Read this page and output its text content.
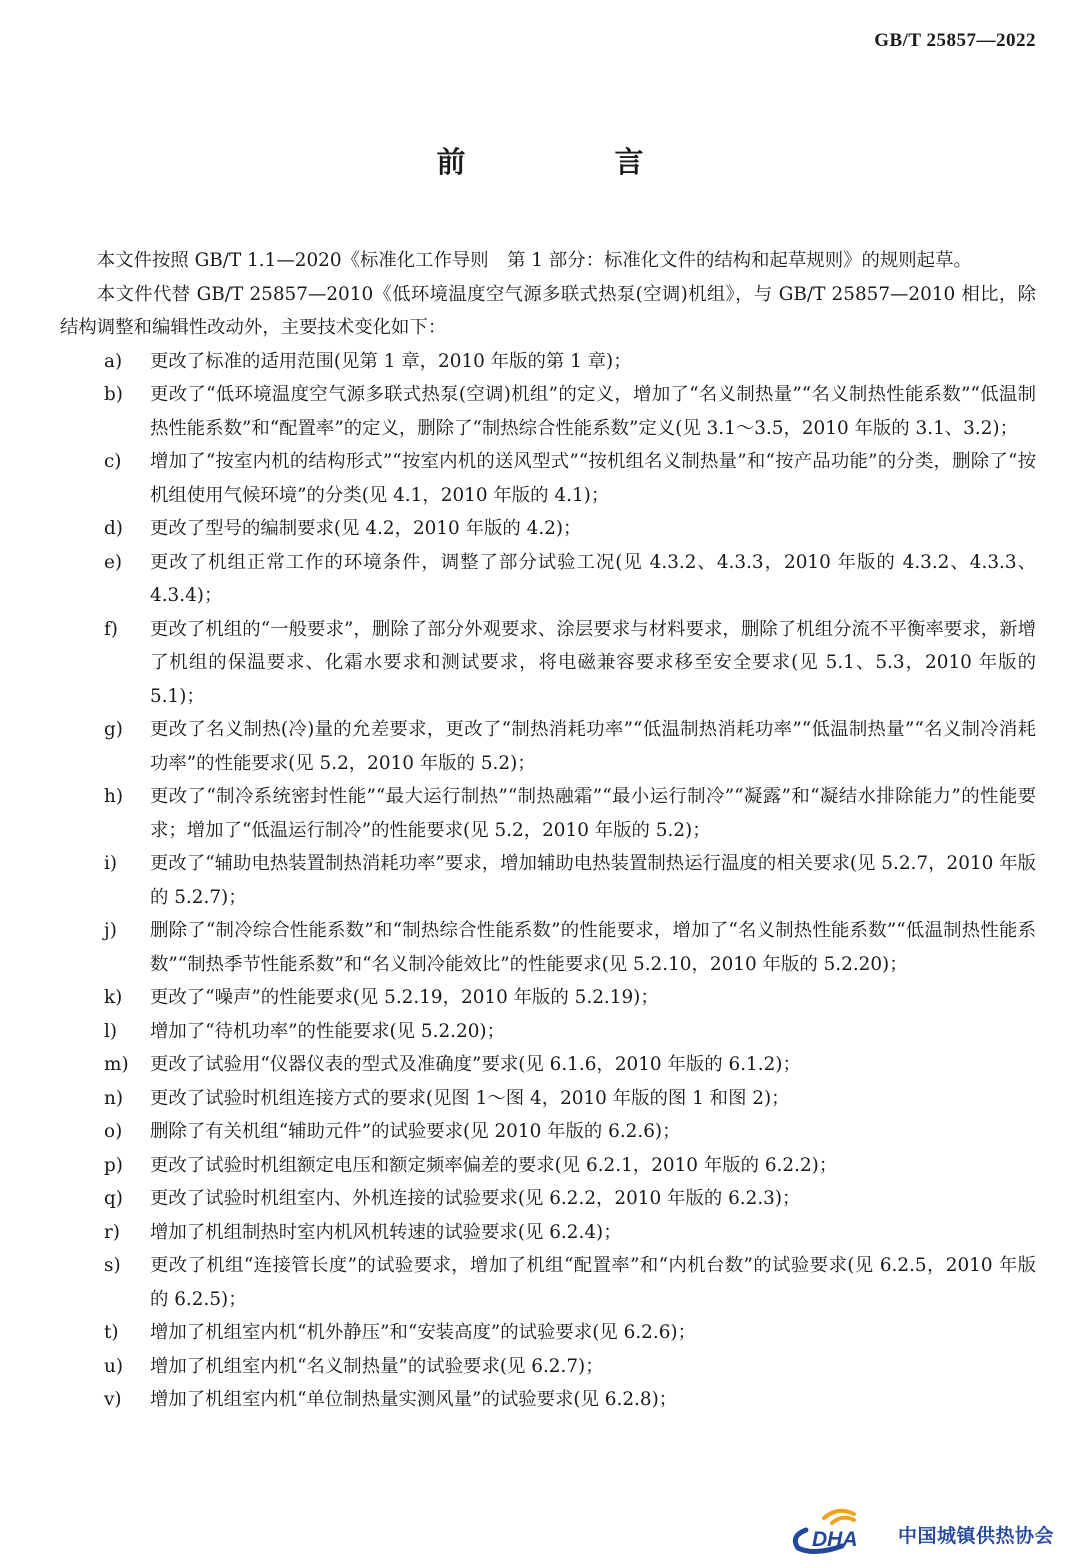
GB/T 25857—2022
前　言

本文件按照 GB/T 1.1—2020《标准化工作导则　第 1 部分：标准化文件的结构和起草规则》的规则起草。

本文件代替 GB/T 25857—2010《低环境温度空气源多联式热泵(空调)机组》，与 GB/T 25857—2010 相比，除结构调整和编辑性改动外，主要技术变化如下：

a)	更改了标准的适用范围(见第 1 章，2010 年版的第 1 章)；
b)	更改了“低环境温度空气源多联式热泵(空调)机组”的定义，增加了“名义制热量”“名义制热性能系数”“低温制热性能系数”和“配置率”的定义，删除了“制热综合性能系数”定义(见 3.1～3.5，2010 年版的 3.1、3.2)；
c)	增加了“按室内机的结构形式”“按室内机的送风型式”“按机组名义制热量”和“按产品功能”的分类，删除了“按机组使用气候环境”的分类(见 4.1，2010 年版的 4.1)；
d)	更改了型号的编制要求(见 4.2，2010 年版的 4.2)；
e)	更改了机组正常工作的环境条件，调整了部分试验工况(见 4.3.2、4.3.3，2010 年版的 4.3.2、4.3.3、4.3.4)；
f)	更改了机组的“一般要求”，删除了部分外观要求、涂层要求与材料要求，删除了机组分流不平衡率要求，新增了机组的保温要求、化霜水要求和测试要求，将电磁兼容要求移至安全要求(见 5.1、5.3，2010 年版的 5.1)；
g)	更改了名义制热(冷)量的允差要求，更改了“制热消耗功率”“低温制热消耗功率”“低温制热量”“名义制冷消耗功率”的性能要求(见 5.2，2010 年版的 5.2)；
h)	更改了“制冷系统密封性能”“最大运行制热”“制热融霜”“最小运行制冷”“凝露”和“凝结水排除能力”的性能要求；增加了“低温运行制冷”的性能要求(见 5.2，2010 年版的 5.2)；
i)	更改了“辅助电热装置制热消耗功率”要求，增加辅助电热装置制热运行温度的相关要求(见 5.2.7，2010 年版的 5.2.7)；
j)	删除了“制冷综合性能系数”和“制热综合性能系数”的性能要求，增加了“名义制热性能系数”“低温制热性能系数”“制热季节性能系数”和“名义制冷能效比”的性能要求(见 5.2.10，2010 年版的 5.2.20)；
k)	更改了“噪声”的性能要求(见 5.2.19，2010 年版的 5.2.19)；
l)	增加了“待机功率”的性能要求(见 5.2.20)；
m)	更改了试验用“仪器仪表的型式及准确度”要求(见 6.1.6，2010 年版的 6.1.2)；
n)	更改了试验时机组连接方式的要求(见图 1～图 4，2010 年版的图 1 和图 2)；
o)	删除了有关机组“辅助元件”的试验要求(见 2010 年版的 6.2.6)；
p)	更改了试验时机组额定电压和额定频率偏差的要求(见 6.2.1，2010 年版的 6.2.2)；
q)	更改了试验时机组室内、外机连接的试验要求(见 6.2.2，2010 年版的 6.2.3)；
r)	增加了机组制热时室内机风机转速的试验要求(见 6.2.4)；
s)	更改了机组“连接管长度”的试验要求，增加了机组“配置率”和“内机台数”的试验要求(见 6.2.5，2010 年版的 6.2.5)；
t)	增加了机组室内机“机外静压”和“安装高度”的试验要求(见 6.2.6)；
u)	增加了机组室内机“名义制热量”的试验要求(见 6.2.7)；
v)	增加了机组室内机“单位制热量实测风量”的试验要求(见 6.2.8)；
DHA 中国城镇供热协会
